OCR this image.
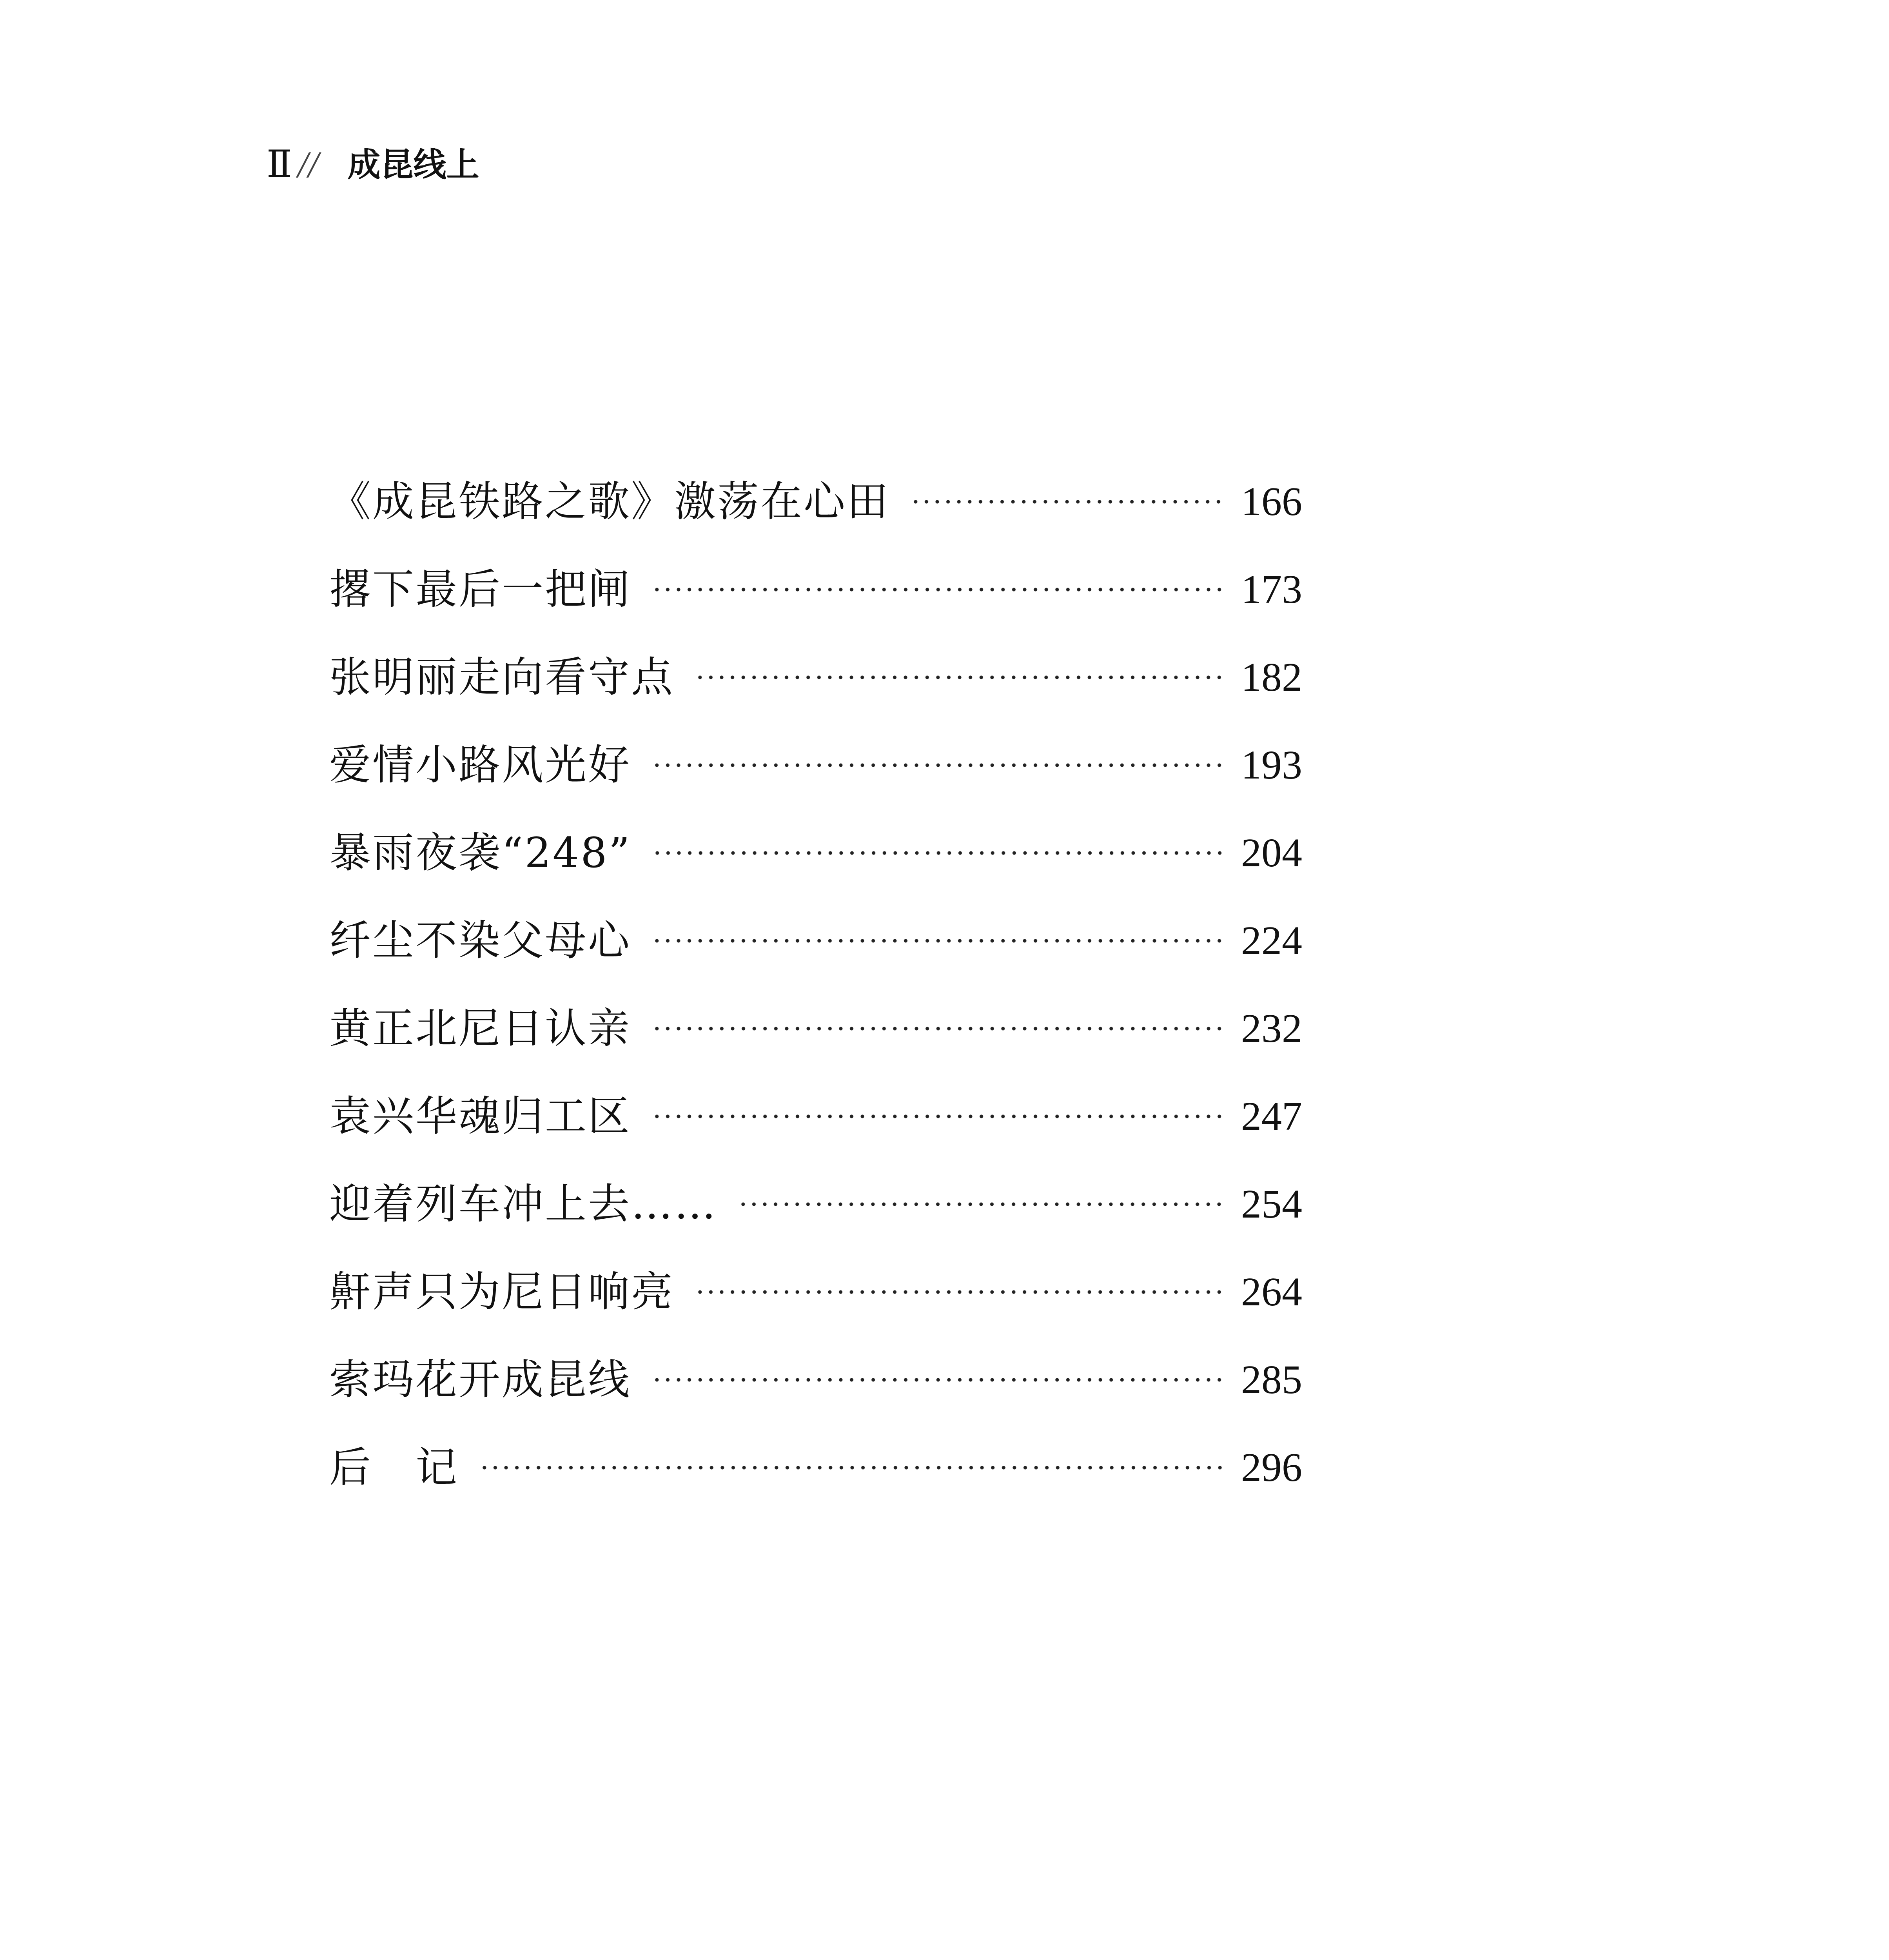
Ⅱ // 成昆线上
《成昆铁路之歌》激荡在心田	166
撂下最后一把闸	173
张明丽走向看守点	182
爱情小路风光好	193
暴雨夜袭“248”	204
纤尘不染父母心	224
黄正北尼日认亲	232
袁兴华魂归工区	247
迎着列车冲上去……	254
鼾声只为尼日响亮	264
索玛花开成昆线	285
后　记	296
